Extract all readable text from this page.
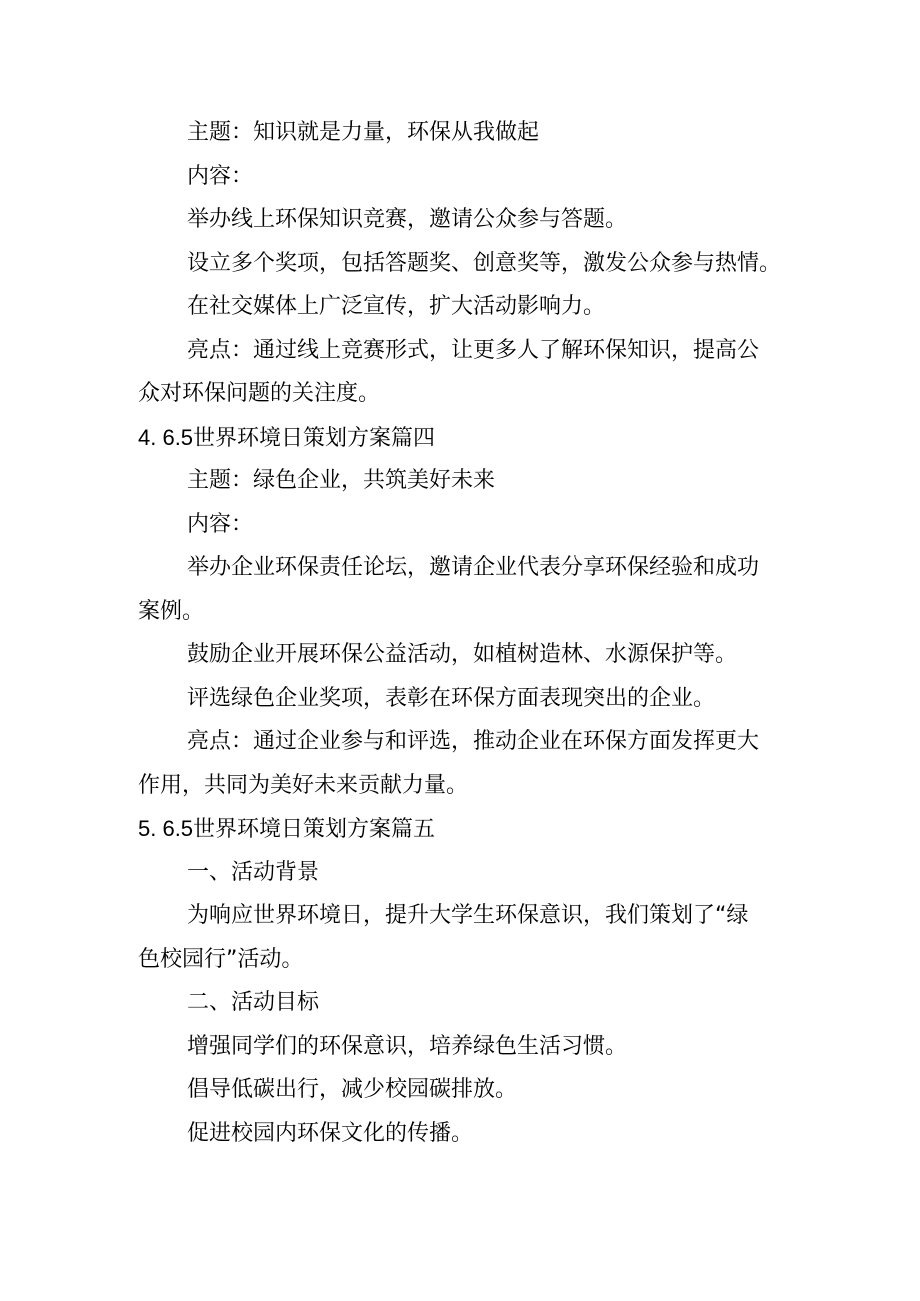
主题：知识就是力量，环保从我做起
内容：
举办线上环保知识竞赛，邀请公众参与答题。
设立多个奖项，包括答题奖、创意奖等，激发公众参与热情。
在社交媒体上广泛宣传，扩大活动影响力。
亮点：通过线上竞赛形式，让更多人了解环保知识，提高公
众对环保问题的关注度。
4. 6.5世界环境日策划方案篇四
主题：绿色企业，共筑美好未来
内容：
举办企业环保责任论坛，邀请企业代表分享环保经验和成功
案例。
鼓励企业开展环保公益活动，如植树造林、水源保护等。
评选绿色企业奖项，表彰在环保方面表现突出的企业。
亮点：通过企业参与和评选，推动企业在环保方面发挥更大
作用，共同为美好未来贡献力量。
5. 6.5世界环境日策划方案篇五
一、活动背景
为响应世界环境日，提升大学生环保意识，我们策划了“绿
色校园行”活动。
二、活动目标
增强同学们的环保意识，培养绿色生活习惯。
倡导低碳出行，减少校园碳排放。
促进校园内环保文化的传播。
